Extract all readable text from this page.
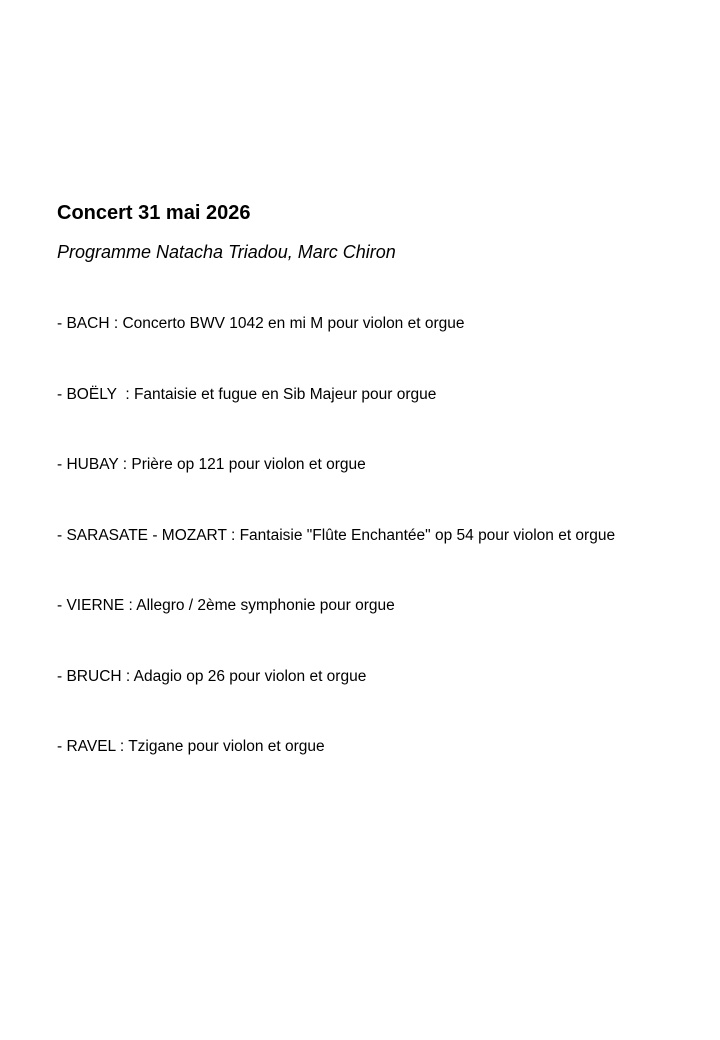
Concert 31 mai 2026
Programme Natacha Triadou, Marc Chiron
- BACH : Concerto BWV 1042 en mi M pour violon et orgue
- BOËLY  : Fantaisie et fugue en Sib Majeur pour orgue
- HUBAY : Prière op 121 pour violon et orgue
- SARASATE - MOZART : Fantaisie "Flûte Enchantée" op 54 pour violon et orgue
- VIERNE : Allegro / 2ème symphonie pour orgue
- BRUCH : Adagio op 26 pour violon et orgue
- RAVEL : Tzigane pour violon et orgue
